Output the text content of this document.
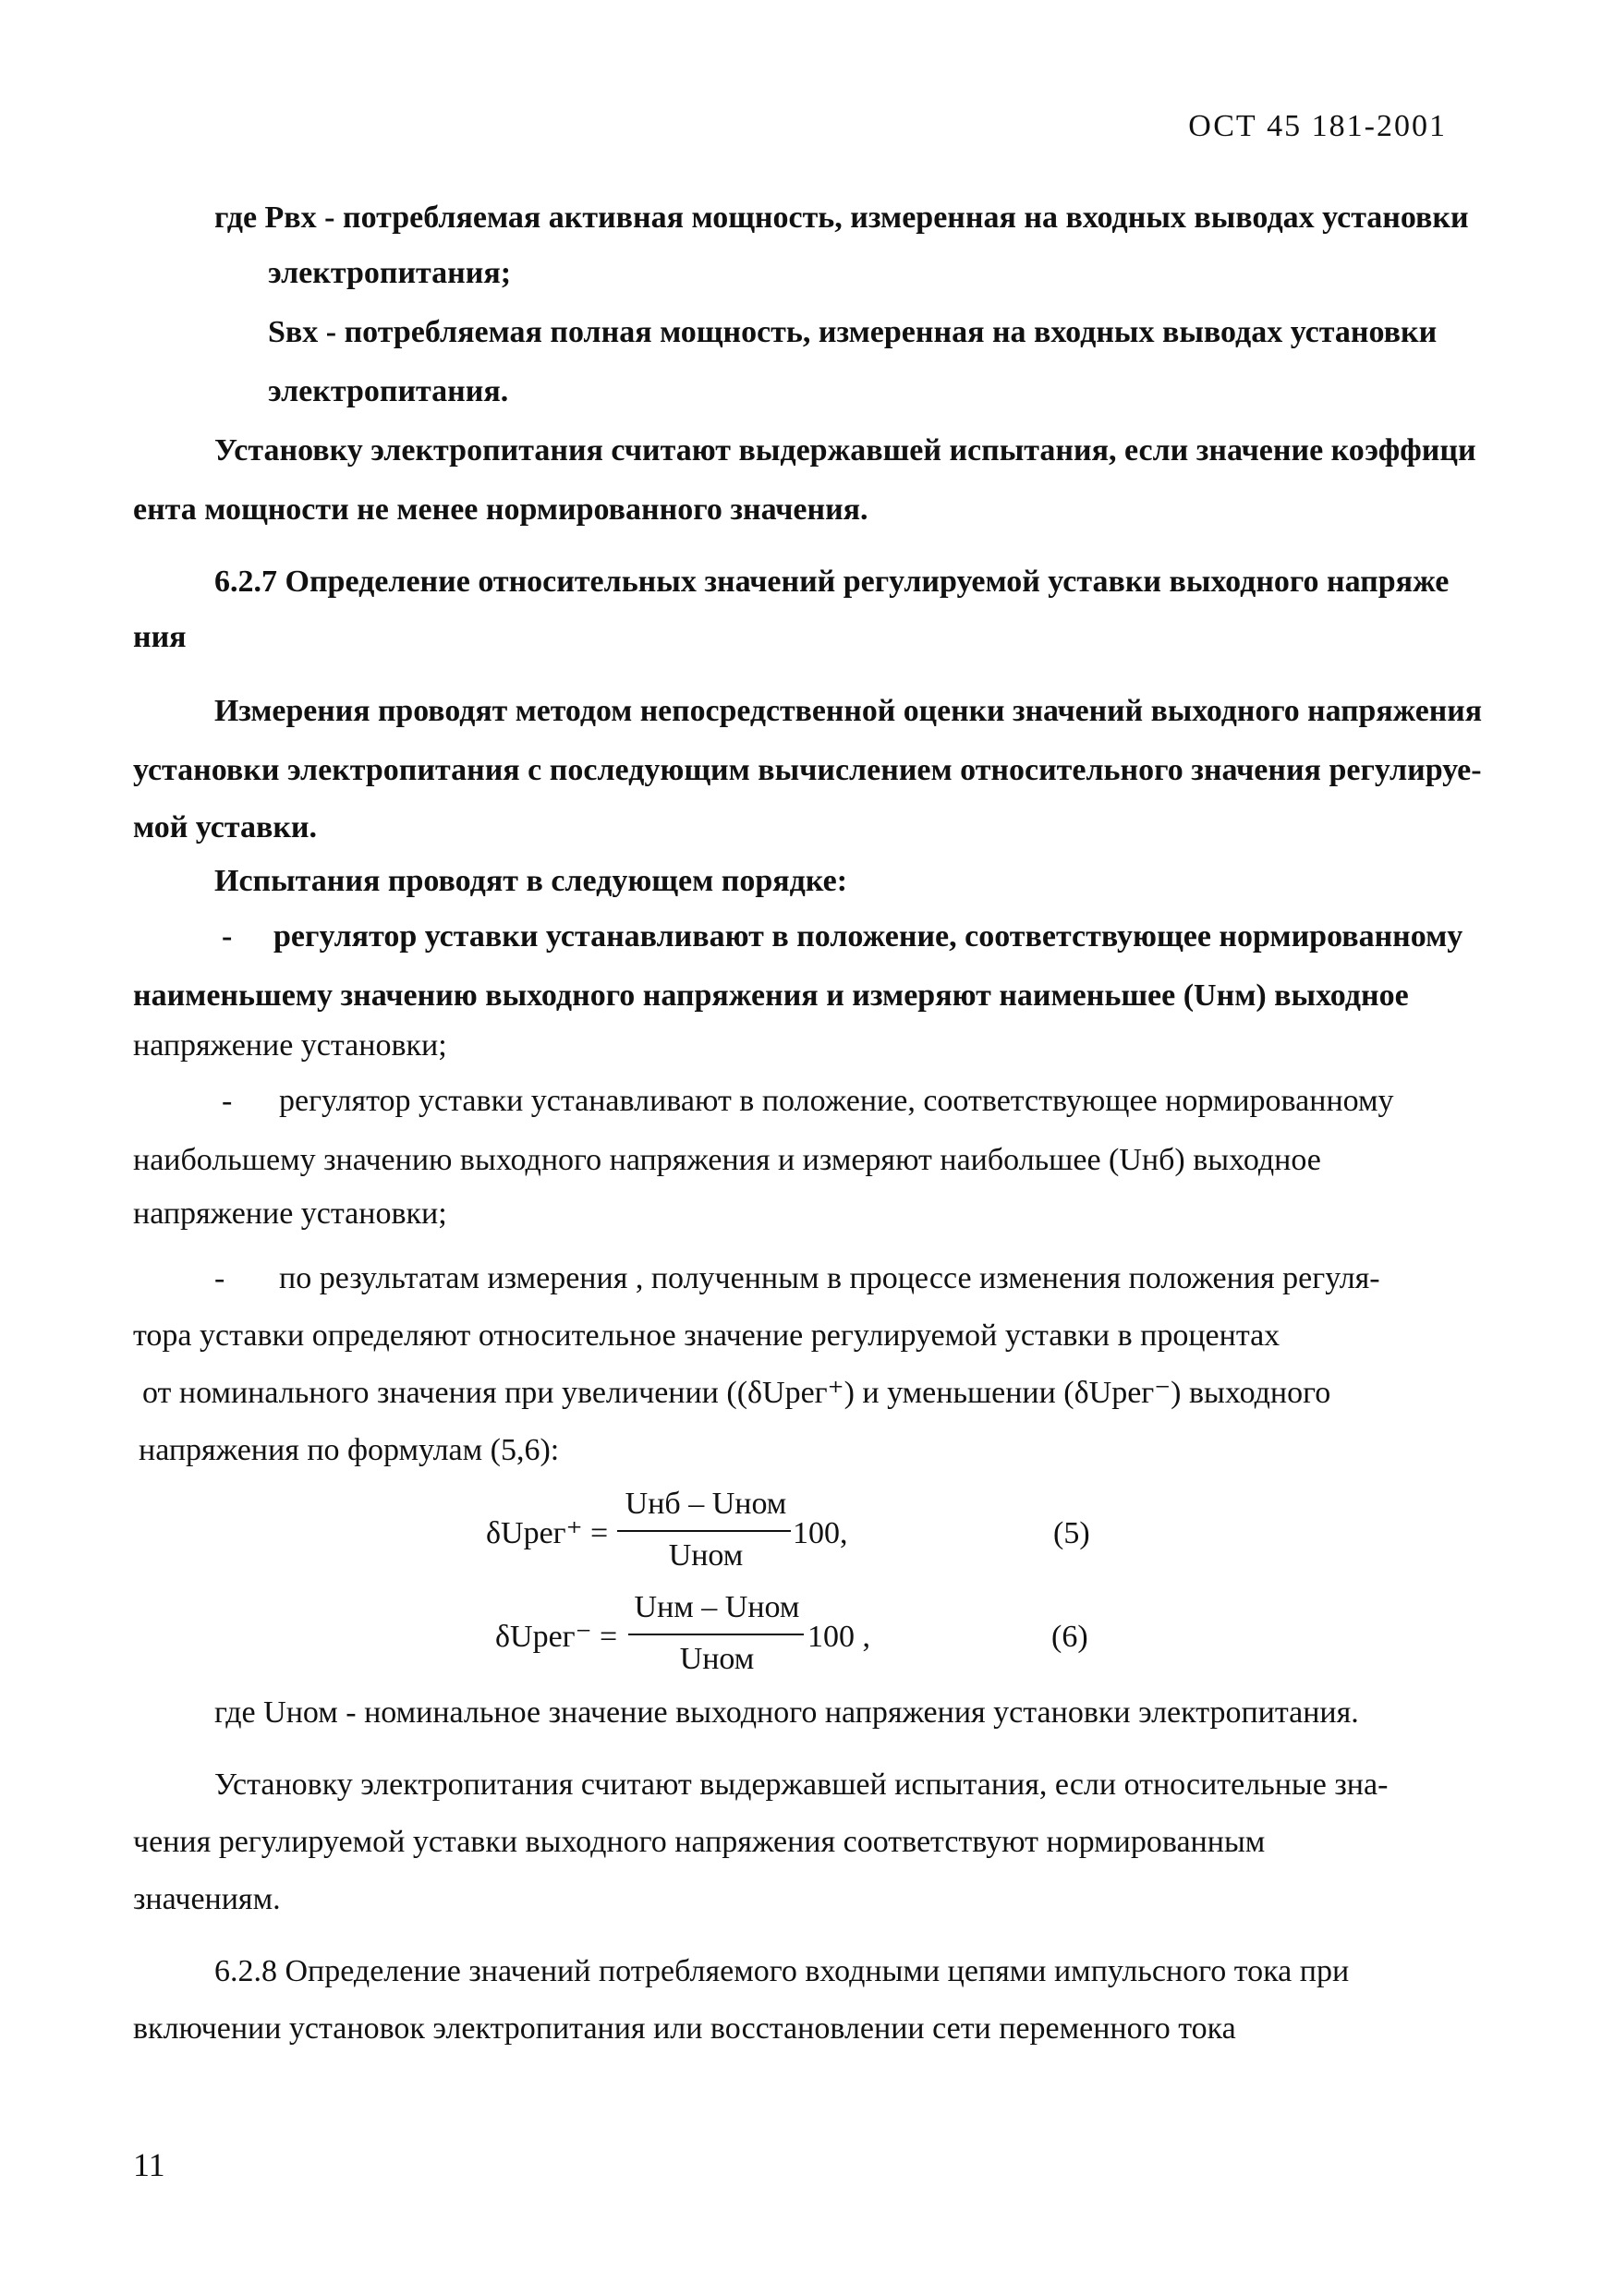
ОСТ 45 181-2001
где Рвх - потребляемая активная мощность, измеренная на входных выводах установки
электропитания;
Sвх - потребляемая полная мощность, измеренная на входных выводах установки
электропитания.
Установку электропитания считают выдержавшей испытания, если значение коэффици
ента мощности не менее нормированного значения.
6.2.7 Определение относительных значений регулируемой уставки выходного напряже
ния
Измерения проводят методом непосредственной оценки значений выходного напряжения
установки электропитания с последующим вычислением относительного значения регулируе-
мой уставки.
Испытания проводят в следующем порядке:
- регулятор уставки устанавливают в положение, соответствующее нормированному
наименьшему значению выходного напряжения и измеряют наименьшее (Uнм) выходное
напряжение установки;
- регулятор уставки устанавливают в положение, соответствующее нормированному
наибольшему значению выходного напряжения и измеряют наибольшее (Uнб) выходное
напряжение установки;
- по результатам измерения , полученным в процессе изменения положения регуля-
тора уставки определяют относительное значение регулируемой уставки в процентах
от номинального значения при увеличении ((δUрег⁺) и уменьшении (δUрег⁻) выходного
напряжения по формулам (5,6):
δUрег⁺ =
Uнб – Uном
Uном
100,	(5)
δUрег⁻ =
Uнм – Uном
Uном
100 ,	(6)
где Uном - номинальное значение выходного напряжения установки электропитания.
Установку электропитания считают выдержавшей испытания, если относительные зна-
чения регулируемой уставки выходного напряжения соответствуют нормированным
значениям.
6.2.8 Определение значений потребляемого входными цепями импульсного тока при
включении установок электропитания или восстановлении сети переменного тока
11
